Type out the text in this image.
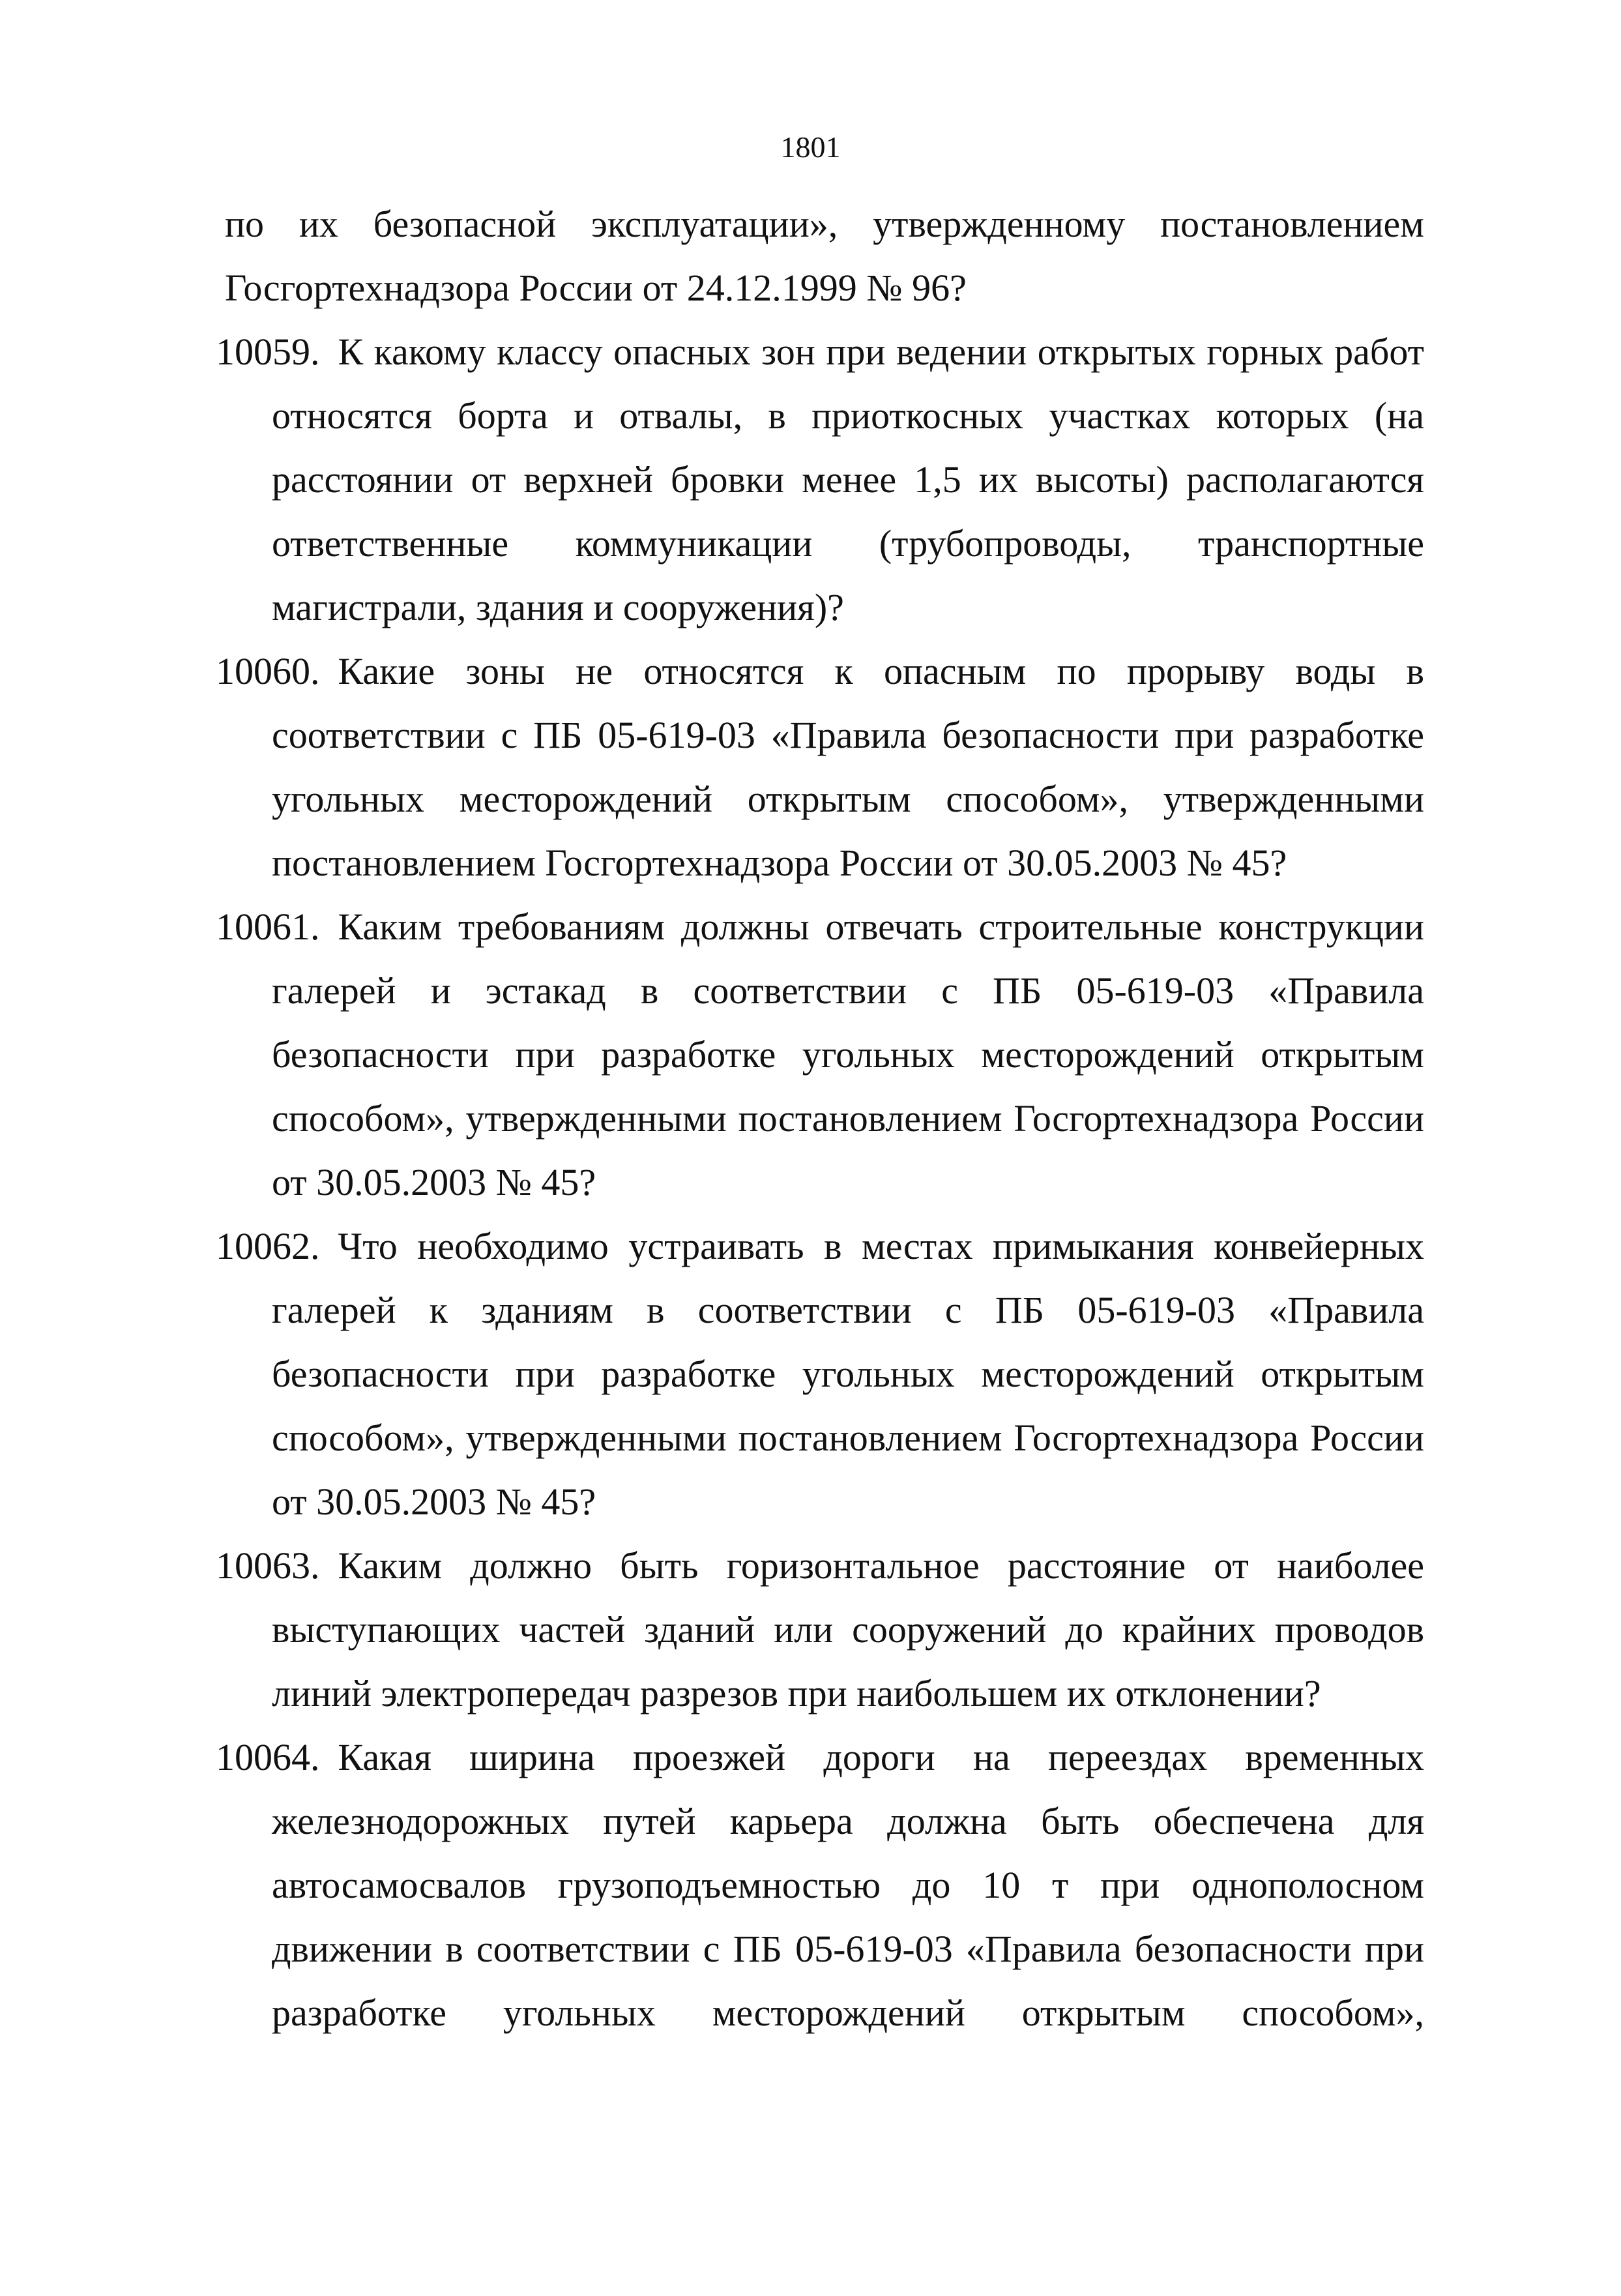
1801

по их безопасной эксплуатации», утвержденному постановлением Госгортехнадзора России от 24.12.1999 № 96?

10059. К какому классу опасных зон при ведении открытых горных работ относятся борта и отвалы, в приоткосных участках которых (на расстоянии от верхней бровки менее 1,5 их высоты) располагаются ответственные коммуникации (трубопроводы, транспортные магистрали, здания и сооружения)?
10060. Какие зоны не относятся к опасным по прорыву воды в соответствии с ПБ 05-619-03 «Правила безопасности при разработке угольных месторождений открытым способом», утвержденными постановлением Госгортехнадзора России от 30.05.2003 № 45?
10061. Каким требованиям должны отвечать строительные конструкции галерей и эстакад в соответствии с ПБ 05-619-03 «Правила безопасности при разработке угольных месторождений открытым способом», утвержденными постановлением Госгортехнадзора России от 30.05.2003 № 45?
10062. Что необходимо устраивать в местах примыкания конвейерных галерей к зданиям в соответствии с ПБ 05-619-03 «Правила безопасности при разработке угольных месторождений открытым способом», утвержденными постановлением Госгортехнадзора России от 30.05.2003 № 45?
10063. Каким должно быть горизонтальное расстояние от наиболее выступающих частей зданий или сооружений до крайних проводов линий электропередач разрезов при наибольшем их отклонении?
10064. Какая ширина проезжей дороги на переездах временных железнодорожных путей карьера должна быть обеспечена для автосамосвалов грузоподъемностью до 10 т при однополосном движении в соответствии с ПБ 05-619-03 «Правила безопасности при разработке угольных месторождений открытым способом»,
